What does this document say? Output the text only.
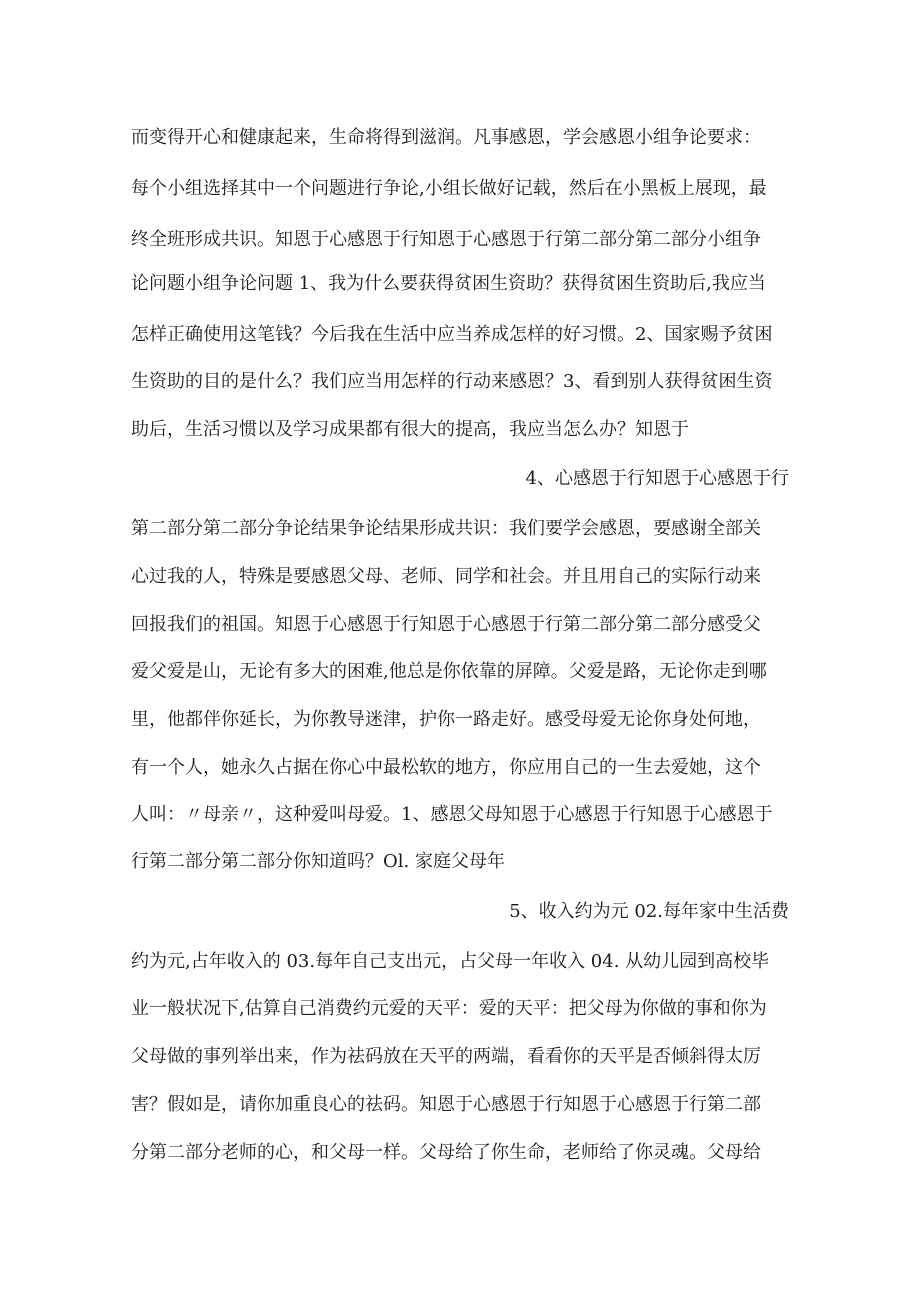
而变得开心和健康起来，生命将得到滋润。凡事感恩，学会感恩小组争论要求：
每个小组选择其中一个问题进行争论,小组长做好记载，然后在小黑板上展现，最
终全班形成共识。知恩于心感恩于行知恩于心感恩于行第二部分第二部分小组争
论问题小组争论问题 1、我为什么要获得贫困生资助？获得贫困生资助后,我应当
怎样正确使用这笔钱？今后我在生活中应当养成怎样的好习惯。2、国家赐予贫困
生资助的目的是什么？我们应当用怎样的行动来感恩？3、看到别人获得贫困生资
助后，生活习惯以及学习成果都有很大的提高，我应当怎么办？知恩于
4、心感恩于行知恩于心感恩于行
第二部分第二部分争论结果争论结果形成共识：我们要学会感恩，要感谢全部关
心过我的人，特殊是要感恩父母、老师、同学和社会。并且用自己的实际行动来
回报我们的祖国。知恩于心感恩于行知恩于心感恩于行第二部分第二部分感受父
爱父爱是山，无论有多大的困难,他总是你依靠的屏障。父爱是路，无论你走到哪
里，他都伴你延长，为你教导迷津，护你一路走好。感受母爱无论你身处何地，
有一个人，她永久占据在你心中最松软的地方，你应用自己的一生去爱她，这个
人叫：〃母亲〃，这种爱叫母爱。1、感恩父母知恩于心感恩于行知恩于心感恩于
行第二部分第二部分你知道吗？Ol. 家庭父母年
5、收入约为元 02.每年家中生活费
约为元,占年收入的 03.每年自己支出元，占父母一年收入 04. 从幼儿园到高校毕
业一般状况下,估算自己消费约元爱的天平：爱的天平：把父母为你做的事和你为
父母做的事列举出来，作为祛码放在天平的两端，看看你的天平是否倾斜得太厉
害？假如是，请你加重良心的祛码。知恩于心感恩于行知恩于心感恩于行第二部
分第二部分老师的心，和父母一样。父母给了你生命，老师给了你灵魂。父母给
